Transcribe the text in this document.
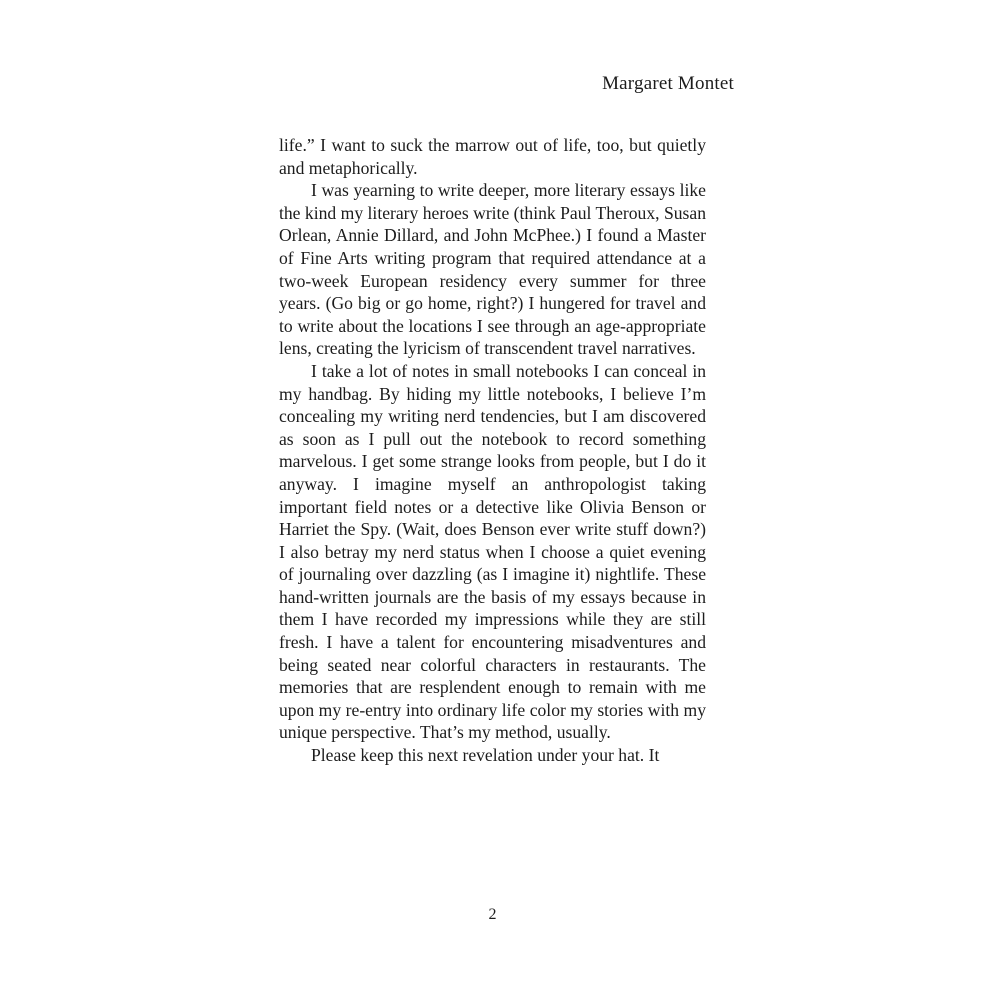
Margaret Montet

life.” I want to suck the marrow out of life, too, but quietly and metaphorically.

I was yearning to write deeper, more literary essays like the kind my literary heroes write (think Paul Theroux, Susan Orlean, Annie Dillard, and John McPhee.) I found a Master of Fine Arts writing program that required attendance at a two-week European residency every summer for three years. (Go big or go home, right?) I hungered for travel and to write about the locations I see through an age-appropriate lens, creating the lyricism of transcendent travel narratives.

I take a lot of notes in small notebooks I can conceal in my handbag. By hiding my little notebooks, I believe I’m concealing my writing nerd tendencies, but I am discovered as soon as I pull out the notebook to record something marvelous. I get some strange looks from people, but I do it anyway. I imagine myself an anthropologist taking important field notes or a detective like Olivia Benson or Harriet the Spy. (Wait, does Benson ever write stuff down?) I also betray my nerd status when I choose a quiet evening of journaling over dazzling (as I imagine it) nightlife. These hand-written journals are the basis of my essays because in them I have recorded my impressions while they are still fresh. I have a talent for encountering misadventures and being seated near colorful characters in restaurants. The memories that are resplendent enough to remain with me upon my re-entry into ordinary life color my stories with my unique perspective. That’s my method, usually.

Please keep this next revelation under your hat. It

2
